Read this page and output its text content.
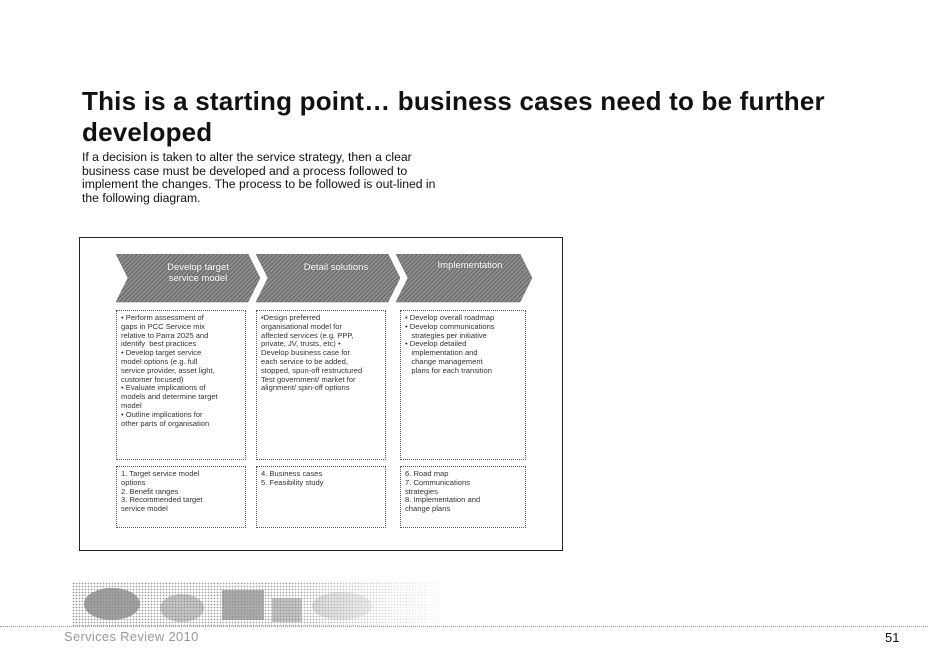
This is a starting point… business cases need to be further developed
If a decision is taken to alter the service strategy, then a clear business case must be developed and a process followed to implement the changes. The process to be followed is out-lined in the following diagram.
Develop target
service model
Detail solutions	Implementation
• Perform assessment of
gaps in PCC Service mix
relative to Parra 2025 and
identify  best practices
• Develop target service
model options (e.g. full
service provider, asset light,
customer focused)
• Evaluate implications of
models and determine target
model
• Outline implications for
other parts of organisation
•Design preferred
organisational model for
affected services (e.g. PPP,
private, JV, trusts, etc) •
Develop business case for
each service to be added,
stopped, spun-off restructured
Test government/ market for
alignment/ spin-off options
• Develop overall roadmap
• Develop communications
strategies per initiative
• Develop detailed
implementation and
change management
plans for each transition
1. Target service model
options
2. Benefit ranges
3. Recommended target
service model
4. Business cases
5. Feasibility study
6. Road map
7. Communications
strategies
8. Implementation and
change plans
Services Review 2010	51
